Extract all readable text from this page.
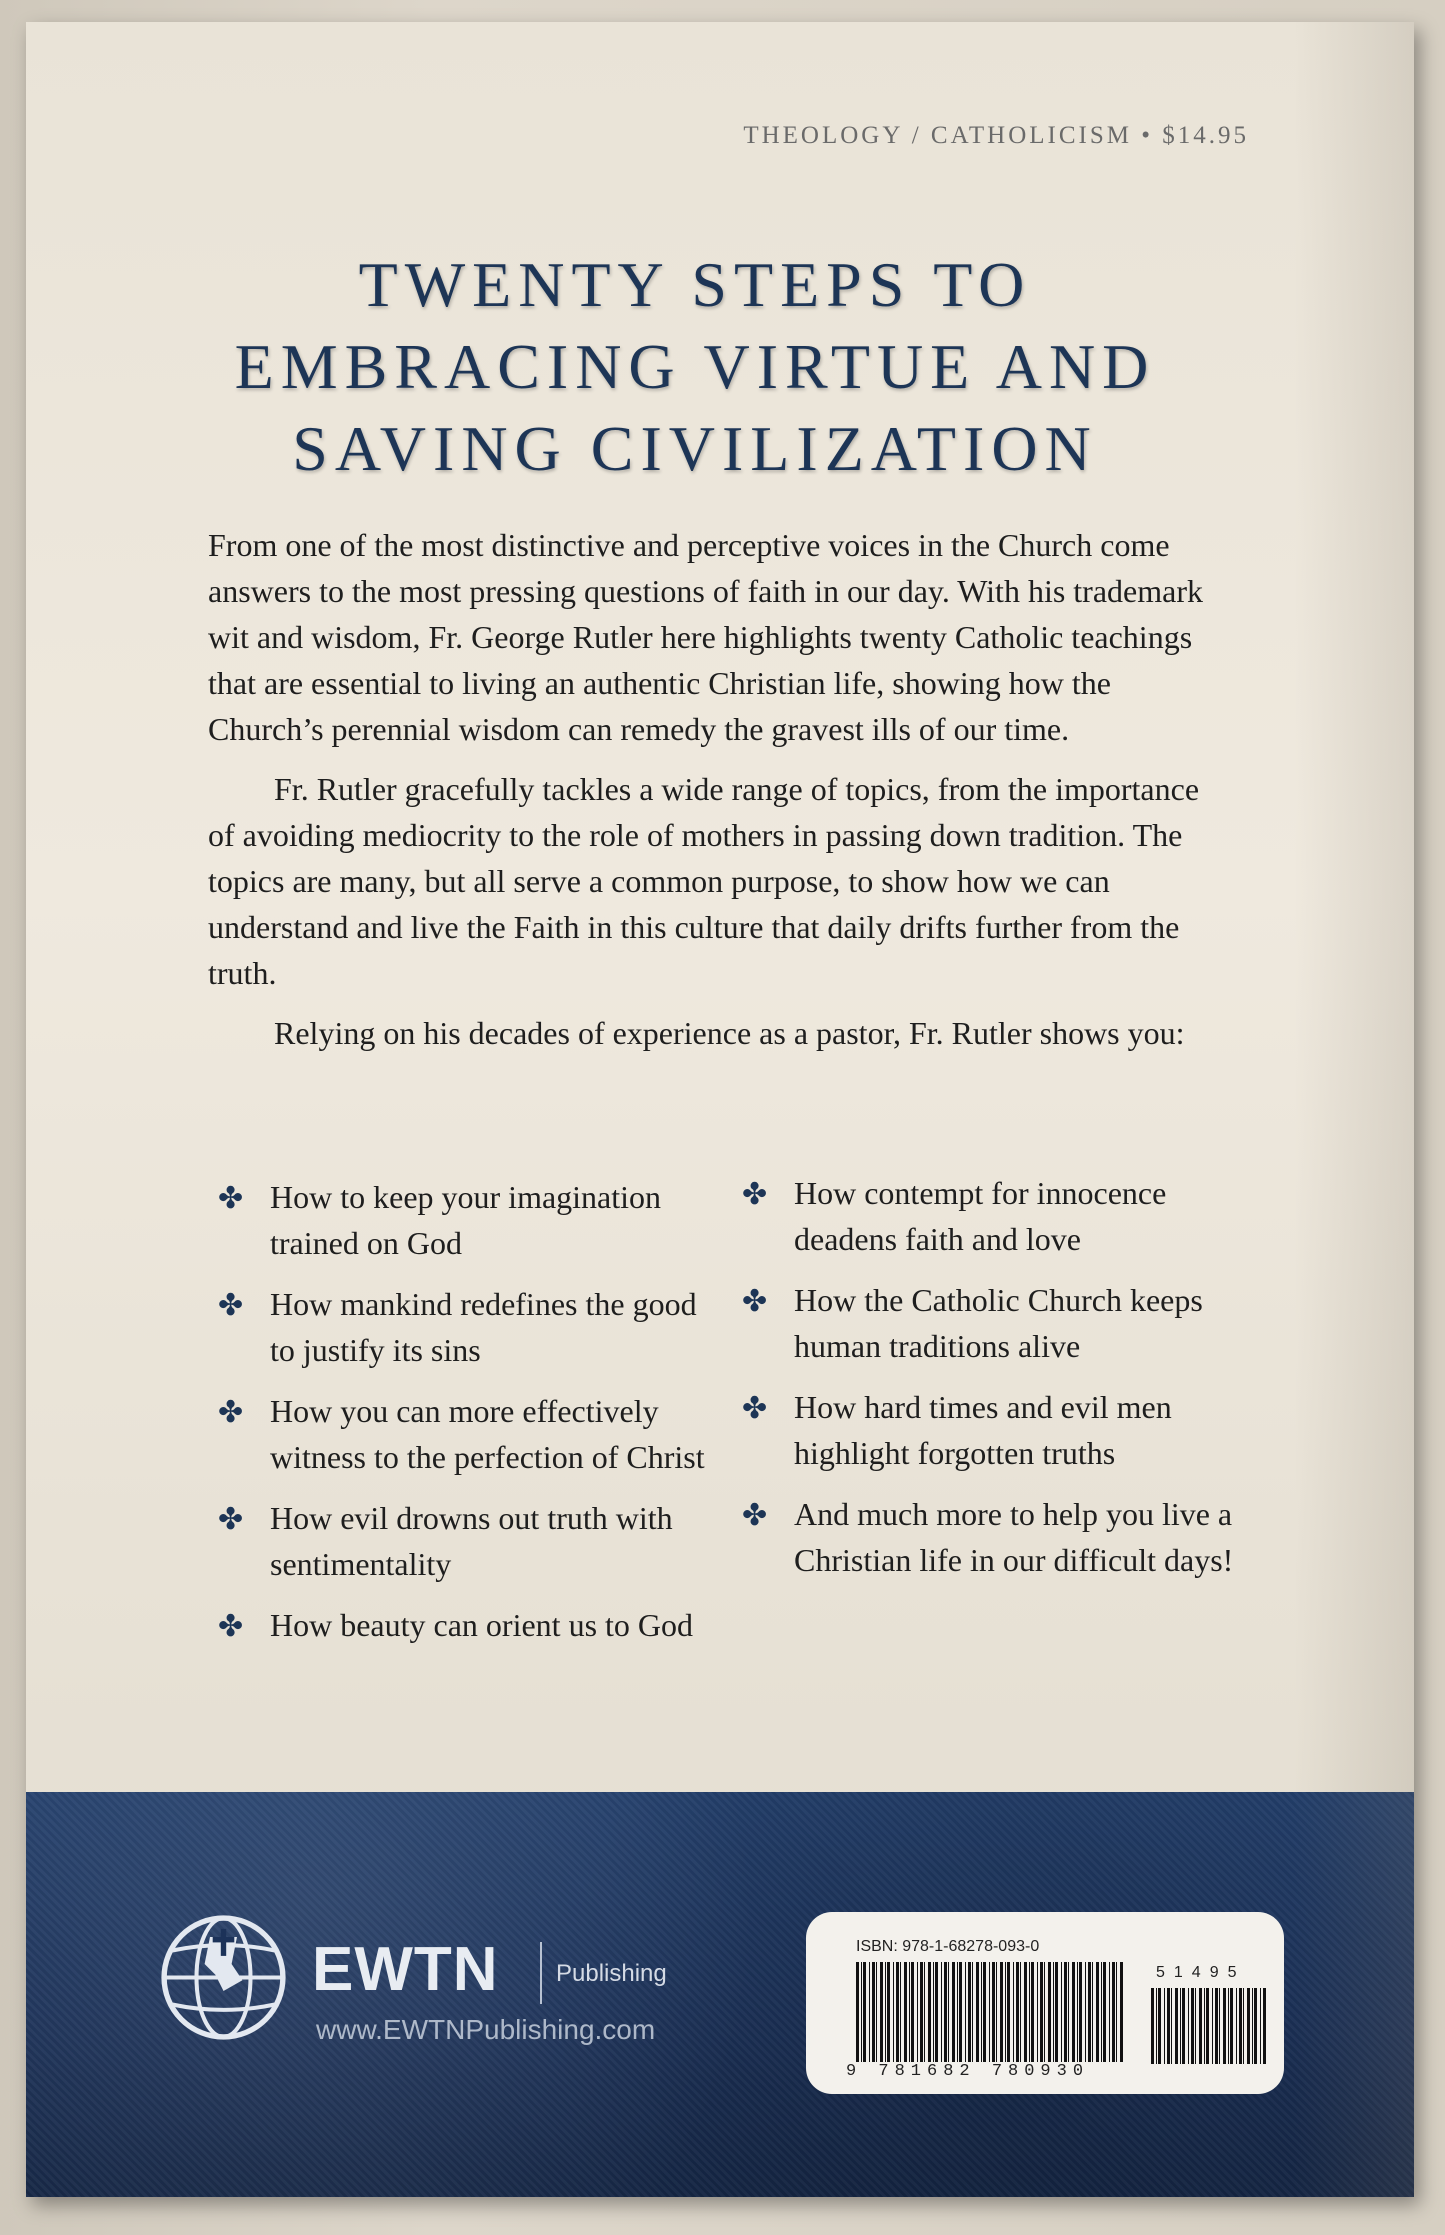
THEOLOGY / CATHOLICISM • $14.95
TWENTY STEPS TO
EMBRACING VIRTUE AND
SAVING CIVILIZATION

From one of the most distinctive and perceptive voices in the Church come answers to the most pressing questions of faith in our day. With his trademark wit and wisdom, Fr. George Rutler here highlights twenty Catholic teachings that are essential to living an authentic Christian life, showing how the Church’s perennial wisdom can remedy the gravest ills of our time.

Fr. Rutler gracefully tackles a wide range of topics, from the importance of avoiding mediocrity to the role of mothers in passing down tradition. The topics are many, but all serve a common purpose, to show how we can understand and live the Faith in this culture that daily drifts further from the truth.

Relying on his decades of experience as a pastor, Fr. Rutler shows you:

✤ How to keep your imagination trained on God
✤ How mankind redefines the good to justify its sins
✤ How you can more effectively witness to the perfection of Christ
✤ How evil drowns out truth with sentimentality
✤ How beauty can orient us to God
✤ How contempt for innocence deadens faith and love
✤ How the Catholic Church keeps human traditions alive
✤ How hard times and evil men highlight forgotten truths
✤ And much more to help you live a Christian life in our difficult days!
EWTN Publishing
www.EWTNPublishing.com
ISBN: 978-1-68278-093-0
51495
9 781682 780930
